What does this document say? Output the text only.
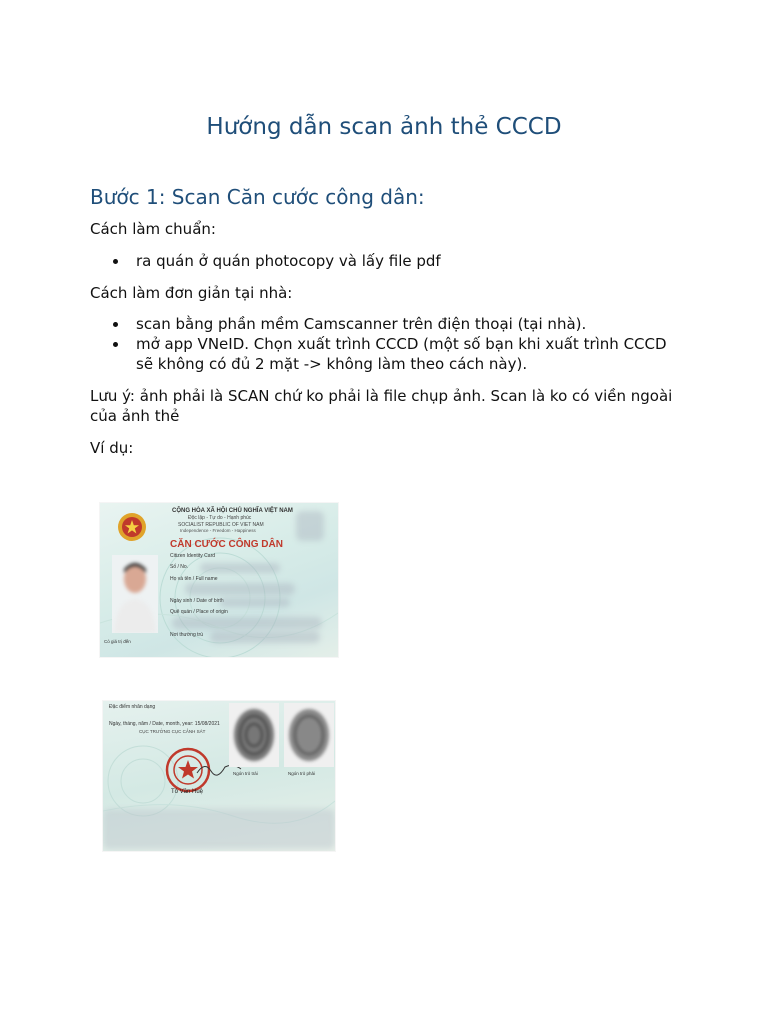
Hướng dẫn scan ảnh thẻ CCCD
Bước 1: Scan Căn cước công dân:

Cách làm chuẩn:

ra quán ở quán photocopy và lấy file pdf

Cách làm đơn giản tại nhà:

scan bằng phần mềm Camscanner trên điện thoại (tại nhà).
mở app VNeID. Chọn xuất trình CCCD (một số bạn khi xuất trình CCCD sẽ không có đủ 2 mặt -> không làm theo cách này).

Lưu ý: ảnh phải là SCAN chứ ko phải là file chụp ảnh. Scan là ko có viền ngoài của ảnh thẻ

Ví dụ:

CỘNG HÒA XÃ HỘI CHỦ NGHĨA VIỆT NAM
Độc lập - Tự do - Hạnh phúc
SOCIALIST REPUBLIC OF VIET NAM
Independence - Freedom - Happiness
CĂN CƯỚC CÔNG DÂN
Citizen Identity Card
Số / No.
Họ và tên / Full name
Ngày sinh / Date of birth
Quê quán / Place of origin
Nơi thường trú
Có giá trị đến
Đặc điểm nhân dạng
Ngày, tháng, năm / Date, month, year: 15/08/2021
CỤC TRƯỞNG CỤC CẢNH SÁT
Tô Văn Huệ
Ngón trỏ trái	Ngón trỏ phải
